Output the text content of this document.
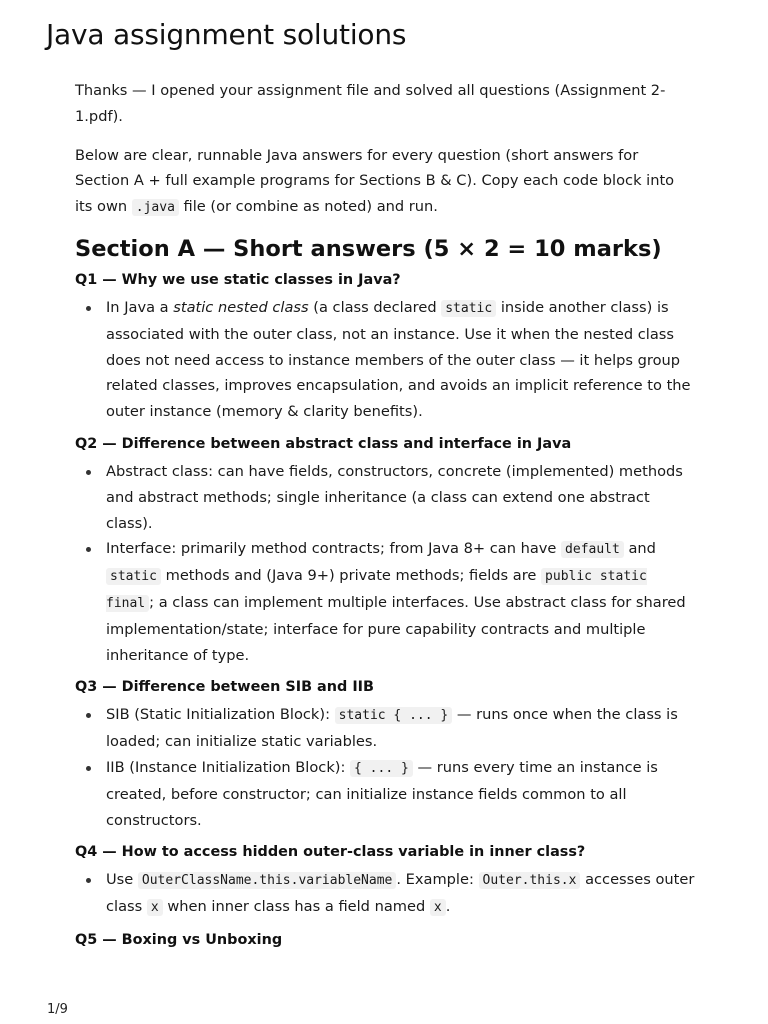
Java assignment solutions

Thanks — I opened your assignment file and solved all questions (Assignment 2-1.pdf).

Below are clear, runnable Java answers for every question (short answers for Section A + full example programs for Sections B & C). Copy each code block into its own .java file (or combine as noted) and run.

Section A — Short answers (5 × 2 = 10 marks)
Q1 — Why we use static classes in Java?
In Java a static nested class (a class declared static inside another class) is associated with the outer class, not an instance. Use it when the nested class does not need access to instance members of the outer class — it helps group related classes, improves encapsulation, and avoids an implicit reference to the outer instance (memory & clarity benefits).
Q2 — Difference between abstract class and interface in Java
Abstract class: can have fields, constructors, concrete (implemented) methods and abstract methods; single inheritance (a class can extend one abstract class).
Interface: primarily method contracts; from Java 8+ can have default and static methods and (Java 9+) private methods; fields are public static final ; a class can implement multiple interfaces. Use abstract class for shared implementation/state; interface for pure capability contracts and multiple inheritance of type.
Q3 — Difference between SIB and IIB
SIB (Static Initialization Block): static { ... } — runs once when the class is loaded; can initialize static variables.
IIB (Instance Initialization Block): { ... } — runs every time an instance is created, before constructor; can initialize instance fields common to all constructors.
Q4 — How to access hidden outer-class variable in inner class?
Use OuterClassName.this.variableName . Example: Outer.this.x accesses outer class x when inner class has a field named x .
Q5 — Boxing vs Unboxing
1/9
